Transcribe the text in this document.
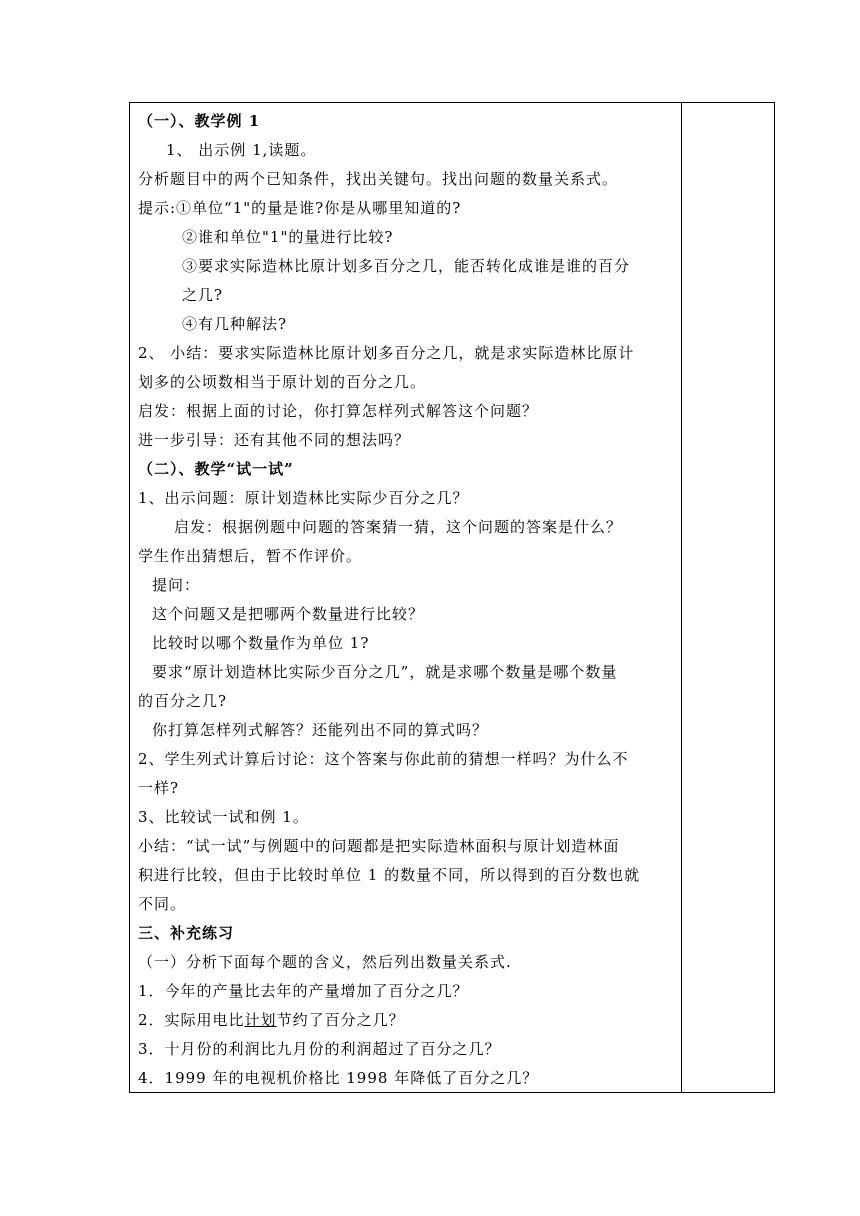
（一）、教学例 1
1、 出示例 1,读题。
分析题目中的两个已知条件，找出关键句。找出问题的数量关系式。
提示:①单位“1"的量是谁?你是从哪里知道的?
②谁和单位"1"的量进行比较?
③要求实际造林比原计划多百分之几，能否转化成谁是谁的百分
之几?
④有几种解法?
2、 小结：要求实际造林比原计划多百分之几，就是求实际造林比原计
划多的公顷数相当于原计划的百分之几。
启发：根据上面的讨论，你打算怎样列式解答这个问题？
进一步引导：还有其他不同的想法吗？
（二）、教学“试一试”
1、出示问题：原计划造林比实际少百分之几？
启发：根据例题中问题的答案猜一猜，这个问题的答案是什么？
学生作出猜想后，暂不作评价。
提问：
这个问题又是把哪两个数量进行比较？
比较时以哪个数量作为单位 1?
要求“原计划造林比实际少百分之几”，就是求哪个数量是哪个数量
的百分之几?
你打算怎样列式解答？还能列出不同的算式吗？
2、学生列式计算后讨论：这个答案与你此前的猜想一样吗？为什么不
一样?
3、比较试一试和例 1。
小结：“试一试”与例题中的问题都是把实际造林面积与原计划造林面
积进行比较，但由于比较时单位 1 的数量不同，所以得到的百分数也就
不同。
三、补充练习
（一）分析下面每个题的含义，然后列出数量关系式.
1．今年的产量比去年的产量增加了百分之几？
2．实际用电比计划节约了百分之几？
3．十月份的利润比九月份的利润超过了百分之几？
4．1999 年的电视机价格比 1998 年降低了百分之几？
